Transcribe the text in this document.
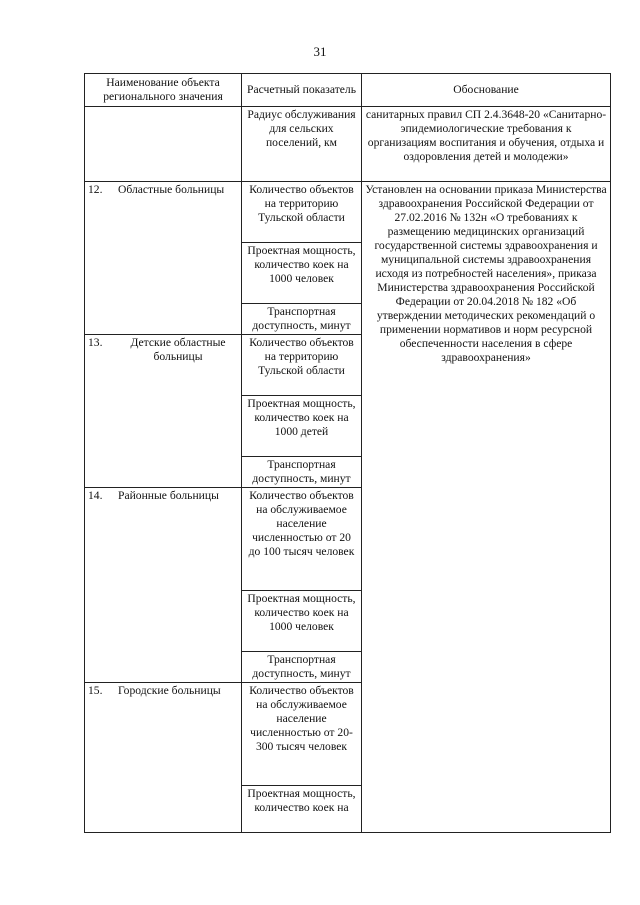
31
Наименование объекта регионального значения	Расчетный показатель	Обоснование
	Радиус обслуживания для сельских поселений, км	санитарных правил СП 2.4.3648-20 «Санитарно-эпидемиологические требования к организациям воспитания и обучения, отдыха и оздоровления детей и молодежи»
12. Областные больницы	Количество объектов на территорию Тульской области	Установлен на основании приказа Министерства здравоохранения Российской Федерации от 27.02.2016 № 132н «О требованиях к размещению медицинских организаций государственной системы здравоохранения и муниципальной системы здравоохранения исходя из потребностей населения», приказа Министерства здравоохранения Российской Федерации от 20.04.2018 № 182 «Об утверждении методических рекомендаций о применении нормативов и норм ресурсной обеспеченности населения в сфере здравоохранения»
	Проектная мощность, количество коек на 1000 человек	
	Транспортная доступность, минут	

13. Детские областные больницы	Количество объектов на территорию Тульской области	
	Проектная мощность, количество коек на 1000 детей	
	Транспортная доступность, минут	
14. Районные больницы	Количество объектов на обслуживаемое население численностью от 20 до 100 тысяч человек	
	Проектная мощность, количество коек на 1000 человек	
	Транспортная доступность, минут	
15. Городские больницы	Количество объектов на обслуживаемое население численностью от 20-300 тысяч человек	
	Проектная мощность, количество коек на	
